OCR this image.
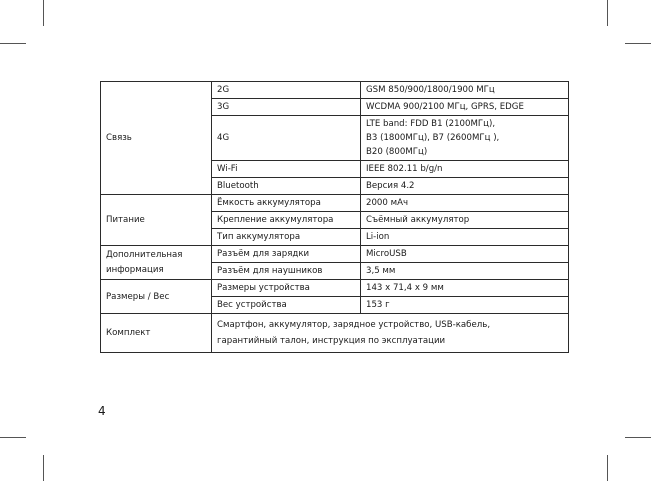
Связь	2G	GSM 850/900/1800/1900 МГц

	3G	WCDMA 900/2100 МГц, GPRS, EDGE

	4G	LTE band: FDD B1 (2100МГц),
B3 (1800МГц), B7 (2600МГц ),
B20 (800МГц)

	Wi-Fi	IEEE 802.11 b/g/n

	Bluetooth	Версия 4.2

Питание	Ёмкость аккумулятора	2000 мАч

	Крепление аккумулятора	Съёмный аккумулятор

	Тип аккумулятора	Li-ion

Дополнительная
информация	Разъём для зарядки	MicroUSB

	Разъём для наушников	3,5 мм

Размеры / Вес	Размеры устройства	143 x 71,4 x 9 мм

	Вес устройства	153 г

Комплект	Смартфон, аккумулятор, зарядное устройство, USB-кабель,
гарантийный талон, инструкция по эксплуатации	
4
